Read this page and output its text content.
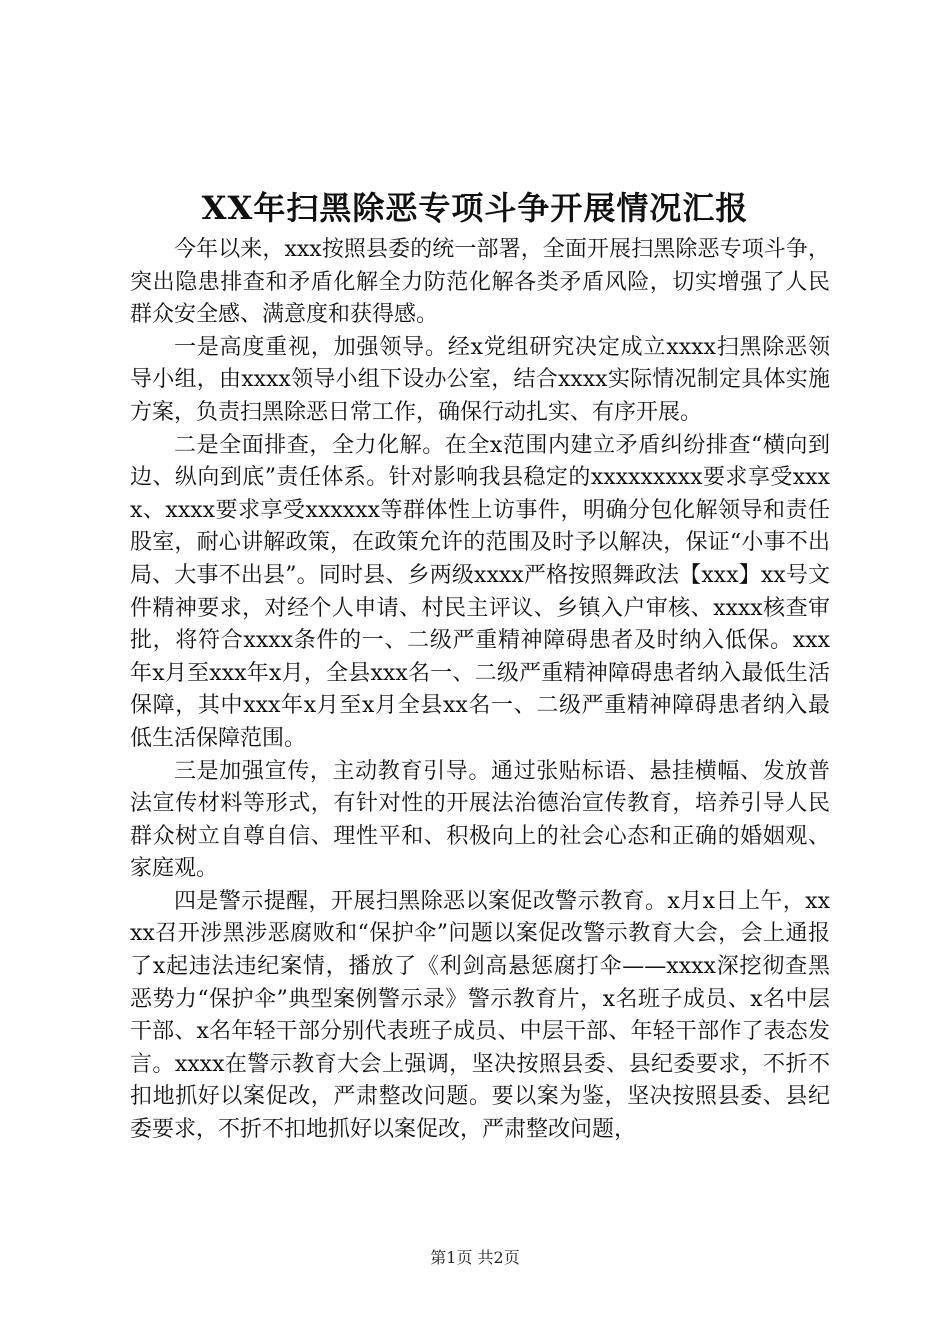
XX年扫黑除恶专项斗争开展情况汇报

今年以来，xxx按照县委的统一部署，全面开展扫黑除恶专项斗争，突出隐患排查和矛盾化解全力防范化解各类矛盾风险，切实增强了人民群众安全感、满意度和获得感。

一是高度重视，加强领导。经x党组研究决定成立xxxx扫黑除恶领导小组，由xxxx领导小组下设办公室，结合xxxx实际情况制定具体实施方案，负责扫黑除恶日常工作，确保行动扎实、有序开展。

二是全面排查，全力化解。在全x范围内建立矛盾纠纷排查“横向到边、纵向到底”责任体系。针对影响我县稳定的xxxxxxxxx要求享受xxxx、xxxx要求享受xxxxxx等群体性上访事件，明确分包化解领导和责任股室，耐心讲解政策，在政策允许的范围及时予以解决，保证“小事不出局、大事不出县”。同时县、乡两级xxxx严格按照舞政法【xxx】xx号文件精神要求，对经个人申请、村民主评议、乡镇入户审核、xxxx核查审批，将符合xxxx条件的一、二级严重精神障碍患者及时纳入低保。xxx年x月至xxx年x月，全县xxx名一、二级严重精神障碍患者纳入最低生活保障，其中xxx年x月至x月全县xx名一、二级严重精神障碍患者纳入最低生活保障范围。

三是加强宣传，主动教育引导。通过张贴标语、悬挂横幅、发放普法宣传材料等形式，有针对性的开展法治德治宣传教育，培养引导人民群众树立自尊自信、理性平和、积极向上的社会心态和正确的婚姻观、家庭观。

四是警示提醒，开展扫黑除恶以案促改警示教育。x月x日上午，xxxx召开涉黑涉恶腐败和“保护伞”问题以案促改警示教育大会，会上通报了x起违法违纪案情，播放了《利剑高悬惩腐打伞——xxxx深挖彻查黑恶势力“保护伞”典型案例警示录》警示教育片，x名班子成员、x名中层干部、x名年轻干部分别代表班子成员、中层干部、年轻干部作了表态发言。xxxx在警示教育大会上强调，坚决按照县委、县纪委要求，不折不扣地抓好以案促改，严肃整改问题。要以案为鉴，坚决按照县委、县纪委要求，不折不扣地抓好以案促改，严肃整改问题，

第1页 共2页
